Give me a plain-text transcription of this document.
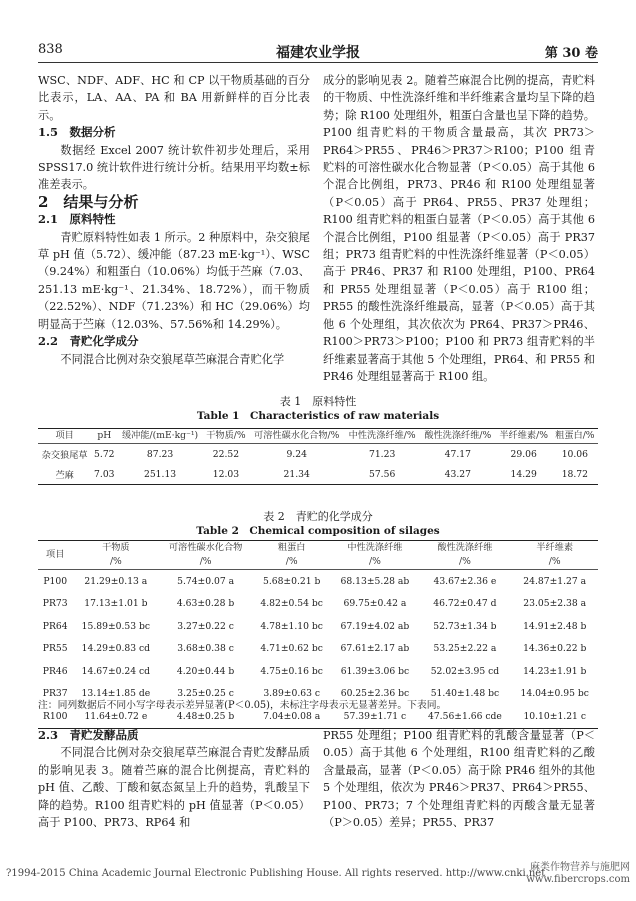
838	福建农业学报	第 30 卷

WSC、NDF、ADF、HC 和 CP 以干物质基础的百分比表示，LA、AA、PA 和 BA 用新鲜样的百分比表示。

1.5　数据分析

数据经 Excel 2007 统计软件初步处理后，采用 SPSS17.0 统计软件进行统计分析。结果用平均数±标准差表示。

2　结果与分析

2.1　原料特性

青贮原料特性如表 1 所示。2 种原料中，杂交狼尾草 pH 值（5.72）、缓冲能（87.23 mE·kg⁻¹）、WSC（9.24%）和粗蛋白（10.06%）均低于苎麻（7.03、251.13 mE·kg⁻¹、21.34%、18.72%），而干物质（22.52%）、NDF（71.23%）和 HC（29.06%）均明显高于苎麻（12.03%、57.56%和 14.29%）。

2.2　青贮化学成分

不同混合比例对杂交狼尾草苎麻混合青贮化学

成分的影响见表 2。随着苎麻混合比例的提高，青贮料的干物质、中性洗涤纤维和半纤维素含量均呈下降的趋势；除 R100 处理组外，粗蛋白含量也呈下降的趋势。P100 组青贮料的干物质含量最高，其次 PR73＞PR64＞PR55、PR46＞PR37＞R100；P100 组青贮料的可溶性碳水化合物显著（P＜0.05）高于其他 6 个混合比例组，PR73、PR46 和 R100 处理组显著（P＜0.05）高于 PR64、PR55、PR37 处理组；R100 组青贮料的粗蛋白显著（P＜0.05）高于其他 6 个混合比例组，P100 组显著（P＜0.05）高于 PR37 组；PR73 组青贮料的中性洗涤纤维显著（P＜0.05）高于 PR46、PR37 和 R100 处理组，P100、PR64 和 PR55 处理组显著（P＜0.05）高于 R100 组；PR55 的酸性洗涤纤维最高，显著（P＜0.05）高于其他 6 个处理组，其次依次为 PR64、PR37＞PR46、R100＞PR73＞P100；P100 和 PR73 组青贮料的半纤维素显著高于其他 5 个处理组，PR64、和 PR55 和 PR46 处理组显著高于 R100 组。

表 1　原料特性
Table 1　Characteristics of raw materials
项目	pH	缓冲能/(mE·kg⁻¹)	干物质/%	可溶性碳水化合物/%	中性洗涤纤维/%	酸性洗涤纤维/%	半纤维素/%	粗蛋白/%
杂交狼尾草	5.72	87.23	22.52	9.24	71.23	47.17	29.06	10.06
苎麻	7.03	251.13	12.03	21.34	57.56	43.27	14.29	18.72
表 2　青贮的化学成分
Table 2　Chemical composition of silages
项目	干物质	可溶性碳水化合物	粗蛋白	中性洗涤纤维	酸性洗涤纤维	半纤维素
	/%	/%	/%	/%	/%	/%
P100	21.29±0.13 a	5.74±0.07 a	5.68±0.21 b	68.13±5.28 ab	43.67±2.36 e	24.87±1.27 a
PR73	17.13±1.01 b	4.63±0.28 b	4.82±0.54 bc	69.75±0.42 a	46.72±0.47 d	23.05±2.38 a
PR64	15.89±0.53 bc	3.27±0.22 c	4.78±1.10 bc	67.19±4.02 ab	52.73±1.34 b	14.91±2.48 b
PR55	14.29±0.83 cd	3.68±0.38 c	4.71±0.62 bc	67.61±2.17 ab	53.25±2.22 a	14.36±0.22 b
PR46	14.67±0.24 cd	4.20±0.44 b	4.75±0.16 bc	61.39±3.06 bc	52.02±3.95 cd	14.23±1.91 b
PR37	13.14±1.85 de	3.25±0.25 c	3.89±0.63 c	60.25±2.36 bc	51.40±1.48 bc	14.04±0.95 bc
R100	11.64±0.72 e	4.48±0.25 b	7.04±0.08 a	57.39±1.71 c	47.56±1.66 cde	10.10±1.21 c
注：同列数据后不同小写字母表示差异显著(P＜0.05)，未标注字母表示无显著差异。下表同。

2.3　青贮发酵品质

不同混合比例对杂交狼尾草苎麻混合青贮发酵品质的影响见表 3。随着苎麻的混合比例提高，青贮料的 pH 值、乙酸、丁酸和氨态氮呈上升的趋势，乳酸呈下降的趋势。R100 组青贮料的 pH 值显著（P＜0.05）高于 P100、PR73、RP64 和

PR55 处理组；P100 组青贮料的乳酸含量显著（P＜0.05）高于其他 6 个处理组，R100 组青贮料的乙酸含量最高，显著（P＜0.05）高于除 PR46 组外的其他 5 个处理组，依次为 PR46＞PR37、PR64＞PR55、P100、PR73；7 个处理组青贮料的丙酸含量无显著（P＞0.05）差异；PR55、PR37

?1994-2015 China Academic Journal Electronic Publishing House. All rights reserved. http://www.cnki.net
麻类作物营养与施肥网
www.fibercrops.com
